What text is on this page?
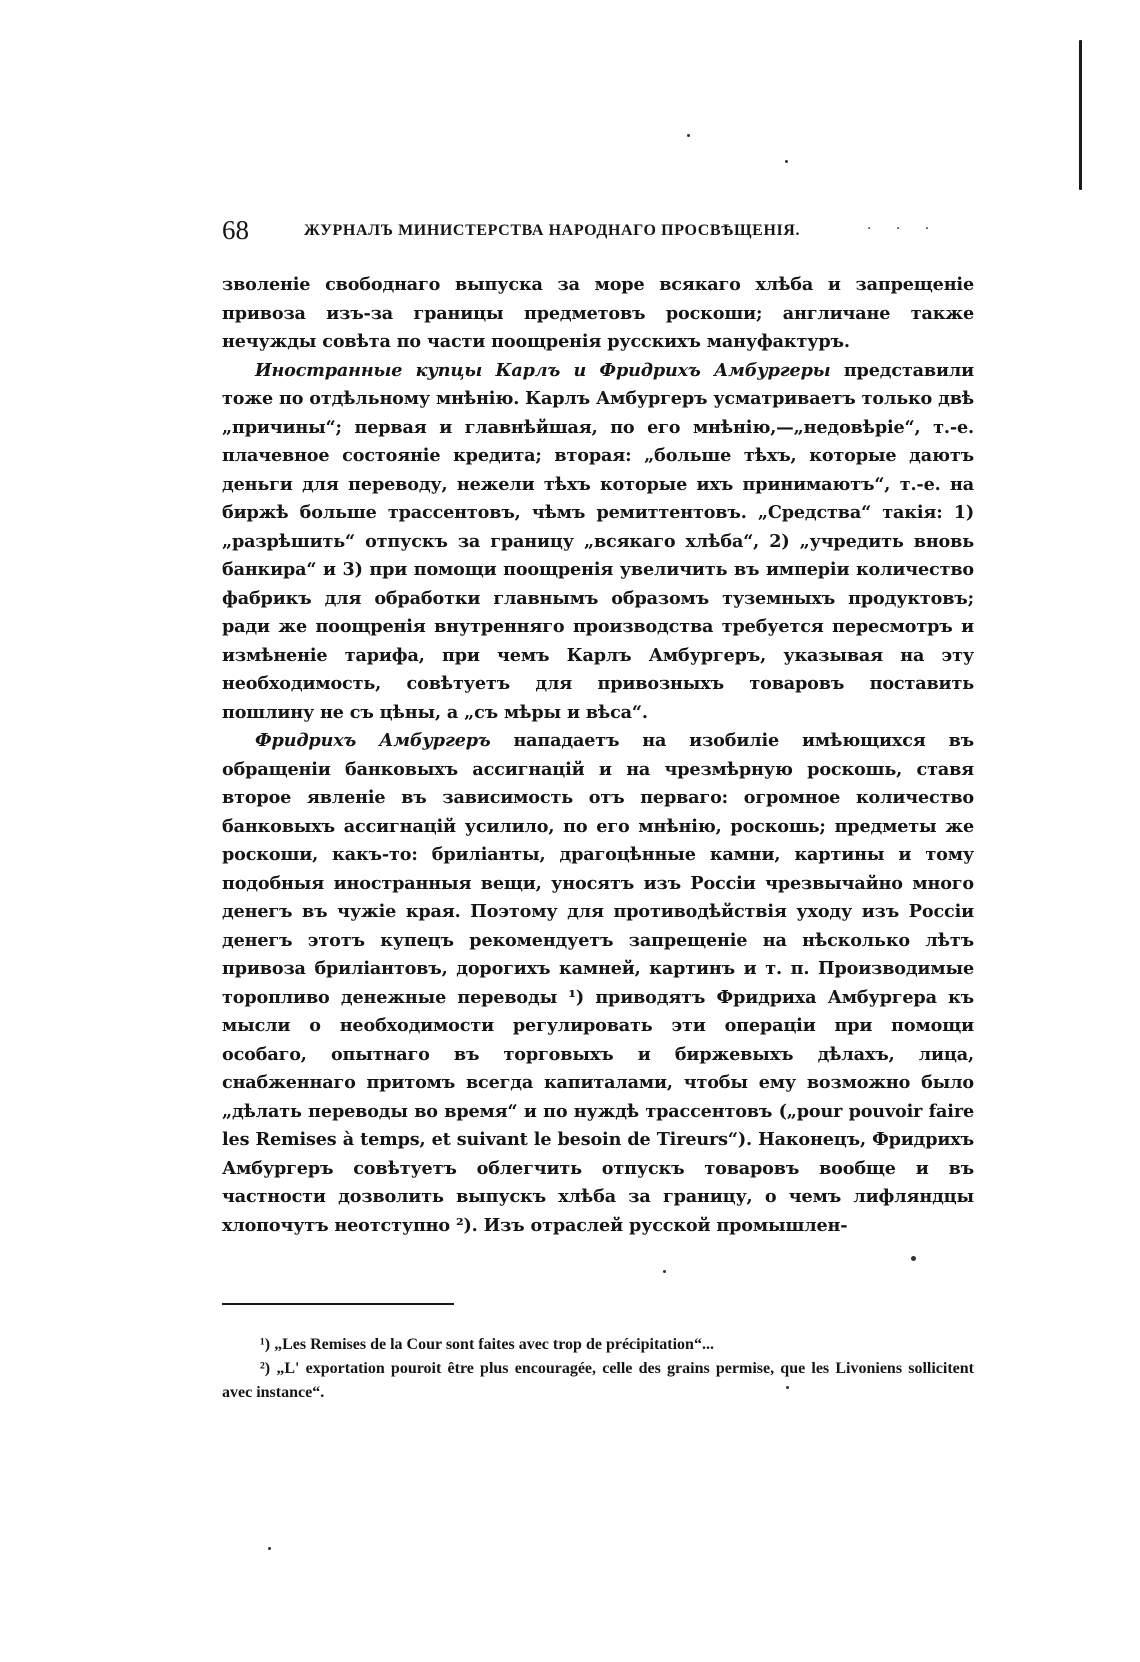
68	ЖУРНАЛЪ МИНИСТЕРСТВА НАРОДНАГО ПРОСВѢЩЕНІЯ.	· · ·

зволеніе свободнаго выпуска за море всякаго хлѣба и запрещеніе привоза изъ-за границы предметовъ роскоши; англичане также нечужды совѣта по части поощренія русскихъ мануфактуръ.

Иностранные купцы Карлъ и Фридрихъ Амбургеры представили тоже по отдѣльному мнѣнію. Карлъ Амбургеръ усматриваетъ только двѣ „причины“; первая и главнѣйшая, по его мнѣнію,—„недовѣріе“, т.-е. плачевное состояніе кредита; вторая: „больше тѣхъ, которые даютъ деньги для переводу, нежели тѣхъ которые ихъ принимаютъ“, т.-е. на биржѣ больше трассентовъ, чѣмъ ремиттентовъ. „Средства“ такія: 1) „разрѣшить“ отпускъ за границу „всякаго хлѣба“, 2) „учредить вновь банкира“ и 3) при помощи поощренія увеличить въ имперіи количество фабрикъ для обработки главнымъ образомъ туземныхъ продуктовъ; ради же поощренія внутренняго производства требуется пересмотръ и измѣненіе тарифа, при чемъ Карлъ Амбургеръ, указывая на эту необходимость, совѣтуетъ для привозныхъ товаровъ поставить пошлину не съ цѣны, а „съ мѣры и вѣса“.

Фридрихъ Амбургеръ нападаетъ на изобиліе имѣющихся въ обращеніи банковыхъ ассигнацій и на чрезмѣрную роскошь, ставя второе явленіе въ зависимость отъ перваго: огромное количество банковыхъ ассигнацій усилило, по его мнѣнію, роскошь; предметы же роскоши, какъ-то: бриліанты, драгоцѣнные камни, картины и тому подобныя иностранныя вещи, уносятъ изъ Россіи чрезвычайно много денегъ въ чужіе края. Поэтому для противодѣйствія уходу изъ Россіи денегъ этотъ купецъ рекомендуетъ запрещеніе на нѣсколько лѣтъ привоза бриліантовъ, дорогихъ камней, картинъ и т. п. Производимые торопливо денежные переводы ¹) приводятъ Фридриха Амбургера къ мысли о необходимости регулировать эти операціи при помощи особаго, опытнаго въ торговыхъ и биржевыхъ дѣлахъ, лица, снабженнаго притомъ всегда капиталами, чтобы ему возможно было „дѣлать переводы во время“ и по нуждѣ трассентовъ („pour pouvoir faire les Remises à temps, et suivant le besoin de Tireurs“). Наконецъ, Фридрихъ Амбургеръ совѣтуетъ облегчить отпускъ товаровъ вообще и въ частности дозволить выпускъ хлѣба за границу, о чемъ лифляндцы хлопочутъ неотступно ²). Изъ отраслей русской промышлен-

¹) „Les Remises de la Cour sont faites avec trop de précipitation“...

²) „L' exportation pouroit être plus encouragée, celle des grains permise, que les Livoniens sollicitent avec instance“.
